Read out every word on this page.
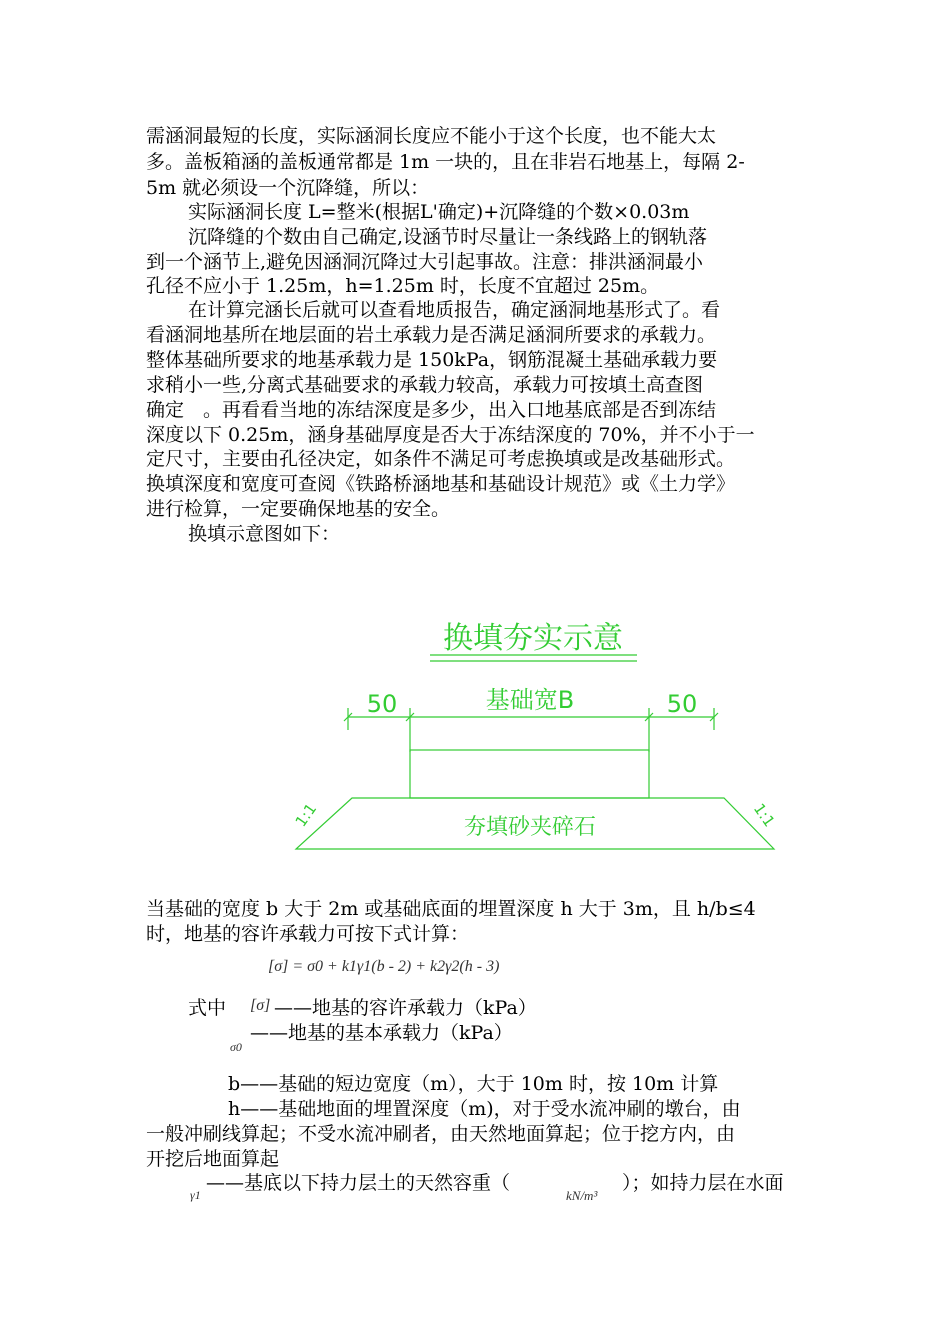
需涵洞最短的长度，实际涵洞长度应不能小于这个长度，也不能大太
多。盖板箱涵的盖板通常都是 1m 一块的，且在非岩石地基上，每隔 2-
5m 就必须设一个沉降缝，所以：
实际涵洞长度 L=整米(根据L'确定)+沉降缝的个数×0.03m
沉降缝的个数由自己确定,设涵节时尽量让一条线路上的钢轨落
到一个涵节上,避免因涵洞沉降过大引起事故。注意：排洪涵洞最小
孔径不应小于 1.25m，h=1.25m 时，长度不宜超过 25m。
在计算完涵长后就可以查看地质报告，确定涵洞地基形式了。看
看涵洞地基所在地层面的岩土承载力是否满足涵洞所要求的承载力。
整体基础所要求的地基承载力是 150kPa，钢筋混凝土基础承载力要
求稍小一些,分离式基础要求的承载力较高，承载力可按填土高查图
确定　。再看看当地的冻结深度是多少，出入口地基底部是否到冻结
深度以下 0.25m，涵身基础厚度是否大于冻结深度的 70%，并不小于一
定尺寸，主要由孔径决定，如条件不满足可考虑换填或是改基础形式。
换填深度和宽度可查阅《铁路桥涵地基和基础设计规范》或《土力学》
进行检算，一定要确保地基的安全。
换填示意图如下：
换填夯实示意
50	基础宽B	50
1:1	1:1
夯填砂夹碎石
当基础的宽度 b 大于 2m 或基础底面的埋置深度 h 大于 3m，且 h/b≤4
时，地基的容许承载力可按下式计算：
[σ] = σ0 + k1γ1(b - 2) + k2γ2(h - 3)
式中 [σ] ——地基的容许承载力（kPa）
σ0
——地基的基本承载力（kPa）
b——基础的短边宽度（m），大于 10m 时，按 10m 计算
h——基础地面的埋置深度（m)，对于受水流冲刷的墩台，由
一般冲刷线算起；不受水流冲刷者，由天然地面算起；位于挖方内，由
开挖后地面算起
γ1
——基底以下持力层土的天然容重（
kN/m³
）；如持力层在水面
